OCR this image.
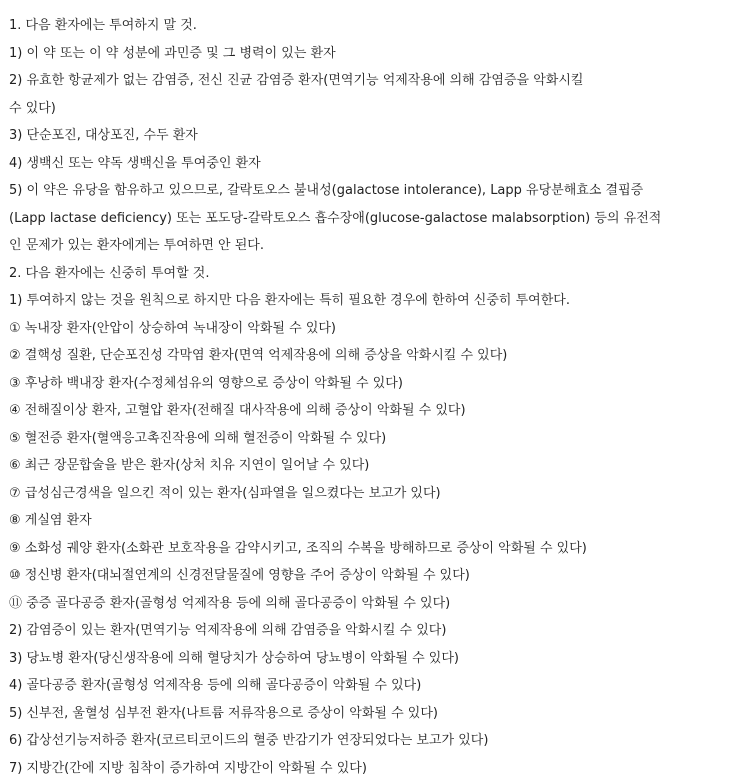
1. 다음 환자에는 투여하지 말 것.
1) 이 약 또는 이 약 성분에 과민증 및 그 병력이 있는 환자
2) 유효한 항균제가 없는 감염증, 전신 진균 감염증 환자(면역기능 억제작용에 의해 감염증을 악화시킬
수 있다)
3) 단순포진, 대상포진, 수두 환자
4) 생백신 또는 약독 생백신을 투여중인 환자
5) 이 약은 유당을 함유하고 있으므로, 갈락토오스 불내성(galactose intolerance), Lapp 유당분해효소 결핍증
(Lapp lactase deficiency) 또는 포도당-갈락토오스 흡수장애(glucose-galactose malabsorption) 등의 유전적
인 문제가 있는 환자에게는 투여하면 안 된다.
2. 다음 환자에는 신중히 투여할 것.
1) 투여하지 않는 것을 원칙으로 하지만 다음 환자에는 특히 필요한 경우에 한하여 신중히 투여한다.
① 녹내장 환자(안압이 상승하여 녹내장이 악화될 수 있다)
② 결핵성 질환, 단순포진성 각막염 환자(면역 억제작용에 의해 증상을 악화시킬 수 있다)
③ 후낭하 백내장 환자(수정체섬유의 영향으로 증상이 악화될 수 있다)
④ 전해질이상 환자, 고혈압 환자(전해질 대사작용에 의해 증상이 악화될 수 있다)
⑤ 혈전증 환자(혈액응고촉진작용에 의해 혈전증이 악화될 수 있다)
⑥ 최근 장문합술을 받은 환자(상처 치유 지연이 일어날 수 있다)
⑦ 급성심근경색을 일으킨 적이 있는 환자(심파열을 일으켰다는 보고가 있다)
⑧ 게실염 환자
⑨ 소화성 궤양 환자(소화관 보호작용을 감약시키고, 조직의 수복을 방해하므로 증상이 악화될 수 있다)
⑩ 정신병 환자(대뇌절연계의 신경전달물질에 영향을 주어 증상이 악화될 수 있다)
⑪ 중증 골다공증 환자(골형성 억제작용 등에 의해 골다공증이 악화될 수 있다)
2) 감염증이 있는 환자(면역기능 억제작용에 의해 감염증을 악화시킬 수 있다)
3) 당뇨병 환자(당신생작용에 의해 혈당치가 상승하여 당뇨병이 악화될 수 있다)
4) 골다공증 환자(골형성 억제작용 등에 의해 골다공증이 악화될 수 있다)
5) 신부전, 울혈성 심부전 환자(나트륨 저류작용으로 증상이 악화될 수 있다)
6) 갑상선기능저하증 환자(코르티코이드의 혈중 반감기가 연장되었다는 보고가 있다)
7) 지방간(간에 지방 침착이 증가하여 지방간이 악화될 수 있다)
